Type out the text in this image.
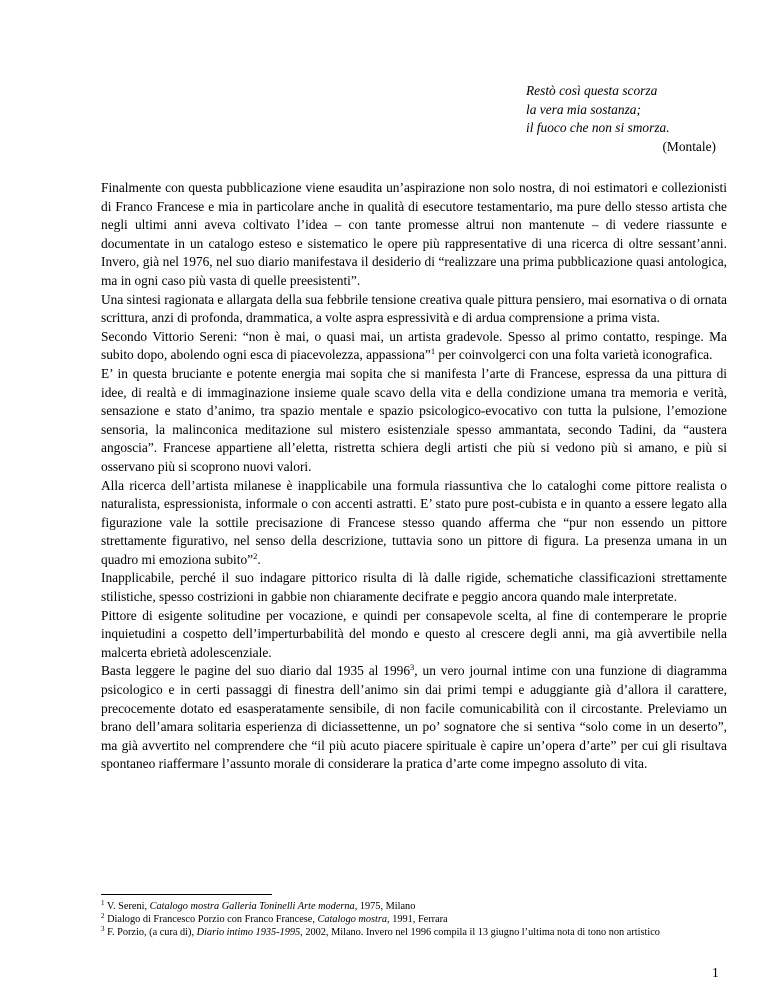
Restò così questa scorza
la vera mia sostanza;
il fuoco che non si smorza.
(Montale)

Finalmente con questa pubblicazione viene esaudita un’aspirazione non solo nostra, di noi estimatori e collezionisti di Franco Francese e mia in particolare anche in qualità di esecutore testamentario, ma pure dello stesso artista che negli ultimi anni aveva coltivato l’idea – con tante promesse altrui non mantenute – di vedere riassunte e documentate in un catalogo esteso e sistematico le opere più rappresentative di una ricerca di oltre sessant’anni. Invero, già nel 1976, nel suo diario manifestava il desiderio di “realizzare una prima pubblicazione quasi antologica, ma in ogni caso più vasta di quelle preesistenti”.

Una sintesi ragionata e allargata della sua febbrile tensione creativa quale pittura pensiero, mai esornativa o di ornata scrittura, anzi di profonda, drammatica, a volte aspra espressività e di ardua comprensione a prima vista.

Secondo Vittorio Sereni: “non è mai, o quasi mai, un artista gradevole. Spesso al primo contatto, respinge. Ma subito dopo, abolendo ogni esca di piacevolezza, appassiona”$^1$ per coinvolgerci con una folta varietà iconografica.

E’ in questa bruciante e potente energia mai sopita che si manifesta l’arte di Francese, espressa da una pittura di idee, di realtà e di immaginazione insieme quale scavo della vita e della condizione umana tra memoria e verità, sensazione e stato d’animo, tra spazio mentale e spazio psicologico-evocativo con tutta la pulsione, l’emozione sensoria, la malinconica meditazione sul mistero esistenziale spesso ammantata, secondo Tadini, da “austera angoscia”. Francese appartiene all’eletta, ristretta schiera degli artisti che più si vedono più si amano, e più si osservano più si scoprono nuovi valori.

Alla ricerca dell’artista milanese è inapplicabile una formula riassuntiva che lo cataloghi come pittore realista o naturalista, espressionista, informale o con accenti astratti. E’ stato pure post-cubista e in quanto a essere legato alla figurazione vale la sottile precisazione di Francese stesso quando afferma che “pur non essendo un pittore strettamente figurativo, nel senso della descrizione, tuttavia sono un pittore di figura. La presenza umana in un quadro mi emoziona subito”$^2$.

Inapplicabile, perché il suo indagare pittorico risulta di là dalle rigide, schematiche classificazioni strettamente stilistiche, spesso costrizioni in gabbie non chiaramente decifrate e peggio ancora quando male interpretate.

Pittore di esigente solitudine per vocazione, e quindi per consapevole scelta, al fine di contemperare le proprie inquietudini a cospetto dell’imperturbabilità del mondo e questo al crescere degli anni, ma già avvertibile nella malcerta ebrietà adolescenziale.

Basta leggere le pagine del suo diario dal 1935 al 1996$^3$, un vero journal intime con una funzione di diagramma psicologico e in certi passaggi di finestra dell’animo sin dai primi tempi e aduggiante già d’allora il carattere, precocemente dotato ed esasperatamente sensibile, di non facile comunicabilità con il circostante. Preleviamo un brano dell’amara solitaria esperienza di diciassettenne, un po’ sognatore che si sentiva “solo come in un deserto”, ma già avvertito nel comprendere che “il più acuto piacere spirituale è capire un’opera d’arte” per cui gli risultava spontaneo riaffermare l’assunto morale di considerare la pratica d’arte come impegno assoluto di vita.

$^1$ V. Sereni, Catalogo mostra Galleria Toninelli Arte moderna, 1975, Milano

$^2$ Dialogo di Francesco Porzio con Franco Francese, Catalogo mostra, 1991, Ferrara

$^3$ F. Porzio, (a cura di), Diario intimo 1935-1995, 2002, Milano. Invero nel 1996 compila il 13 giugno l’ultima nota di tono non artistico

1
